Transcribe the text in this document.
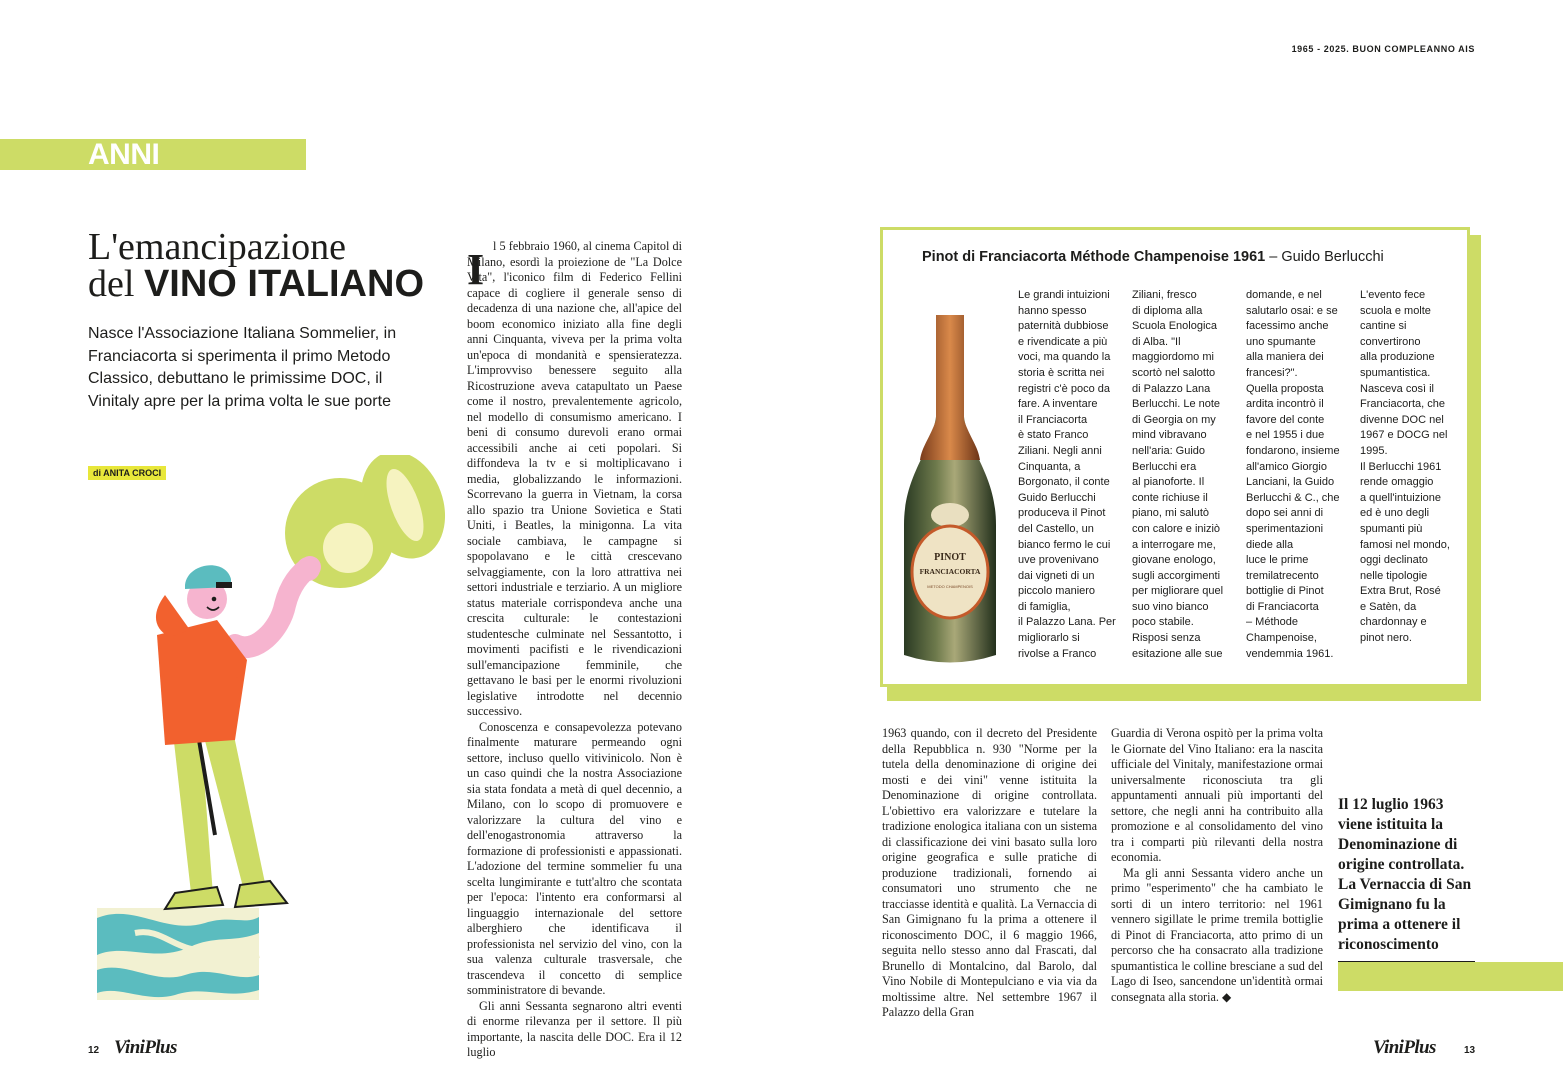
1965 - 2025. BUON COMPLEANNO AIS
ANNI'60
L'emancipazione
del VINO ITALIANO
Nasce l'Associazione Italiana Sommelier, in Franciacorta si sperimenta il primo Metodo Classico, debuttano le primissime DOC, il Vinitaly apre per la prima volta le sue porte
di ANITA CROCI
I l 5 febbraio 1960, al cinema Capitol di Milano, esordì la proiezione de "La Dolce Vita", l'iconico film di Federico Fellini capace di cogliere il generale senso di decadenza di una nazione che, all'apice del boom economico iniziato alla fine degli anni Cinquanta, viveva per la prima volta un'epoca di mondanità e spensieratezza. L'improvviso benessere seguito alla Ricostruzione aveva catapultato un Paese come il nostro, prevalentemente agricolo, nel modello di consumismo americano. I beni di consumo durevoli erano ormai accessibili anche ai ceti popolari. Si diffondeva la tv e si moltiplicavano i media, globalizzando le informazioni. Scorrevano la guerra in Vietnam, la corsa allo spazio tra Unione Sovietica e Stati Uniti, i Beatles, la minigonna. La vita sociale cambiava, le campagne si spopolavano e le città crescevano selvaggiamente, con la loro attrattiva nei settori industriale e terziario. A un migliore status materiale corrispondeva anche una crescita culturale: le contestazioni studentesche culminate nel Sessantotto, i movimenti pacifisti e le rivendicazioni sull'emancipazione femminile, che gettavano le basi per le enormi rivoluzioni legislative introdotte nel decennio successivo.

Conoscenza e consapevolezza potevano finalmente maturare permeando ogni settore, incluso quello vitivinicolo. Non è un caso quindi che la nostra Associazione sia stata fondata a metà di quel decennio, a Milano, con lo scopo di promuovere e valorizzare la cultura del vino e dell'enogastronomia attraverso la formazione di professionisti e appassionati. L'adozione del termine sommelier fu una scelta lungimirante e tutt'altro che scontata per l'epoca: l'intento era conformarsi al linguaggio internazionale del settore alberghiero che identificava il professionista nel servizio del vino, con la sua valenza culturale trasversale, che trascendeva il concetto di semplice somministratore di bevande.

Gli anni Sessanta segnarono altri eventi di enorme rilevanza per il settore. Il più importante, la nascita delle DOC. Era il 12 luglio

Pinot di Franciacorta Méthode Champenoise 1961 – Guido Berlucchi
PINOT
FRANCIACORTA
METODO CHAMPENOIS

Le grandi intuizioni

hanno spesso

paternità dubbiose

e rivendicate a più

voci, ma quando la

storia è scritta nei

registri c'è poco da

fare. A inventare

il Franciacorta

è stato Franco

Ziliani. Negli anni

Cinquanta, a

Borgonato, il conte

Guido Berlucchi

produceva il Pinot

del Castello, un

bianco fermo le cui

uve provenivano

dai vigneti di un

piccolo maniero

di famiglia,

il Palazzo Lana. Per

migliorarlo si

rivolse a Franco

Ziliani, fresco

di diploma alla

Scuola Enologica

di Alba. "Il

maggiordomo mi

scortò nel salotto

di Palazzo Lana

Berlucchi. Le note

di Georgia on my

mind vibravano

nell'aria: Guido

Berlucchi era

al pianoforte. Il

conte richiuse il

piano, mi salutò

con calore e iniziò

a interrogare me,

giovane enologo,

sugli accorgimenti

per migliorare quel

suo vino bianco

poco stabile.

Risposi senza

esitazione alle sue

domande, e nel

salutarlo osai: e se

facessimo anche

uno spumante

alla maniera dei

francesi?".

Quella proposta

ardita incontrò il

favore del conte

e nel 1955 i due

fondarono, insieme

all'amico Giorgio

Lanciani, la Guido

Berlucchi & C., che

dopo sei anni di

sperimentazioni

diede alla

luce le prime

tremilatrecento

bottiglie di Pinot

di Franciacorta

– Méthode

Champenoise,

vendemmia 1961.

L'evento fece

scuola e molte

cantine si

convertirono

alla produzione

spumantistica.

Nasceva così il

Franciacorta, che

divenne DOC nel

1967 e DOCG nel

1995.

Il Berlucchi 1961

rende omaggio

a quell'intuizione

ed è uno degli

spumanti più

famosi nel mondo,

oggi declinato

nelle tipologie

Extra Brut, Rosé

e Satèn, da

chardonnay e

pinot nero.

1963 quando, con il decreto del Presidente della Repubblica n. 930 "Norme per la tutela della denominazione di origine dei mosti e dei vini" venne istituita la Denominazione di origine controllata. L'obiettivo era valorizzare e tutelare la tradizione enologica italiana con un sistema di classificazione dei vini basato sulla loro origine geografica e sulle pratiche di produzione tradizionali, fornendo ai consumatori uno strumento che ne tracciasse identità e qualità. La Vernaccia di San Gimignano fu la prima a ottenere il riconoscimento DOC, il 6 maggio 1966, seguita nello stesso anno dal Frascati, dal Brunello di Montalcino, dal Barolo, dal Vino Nobile di Montepulciano e via via da moltissime altre. Nel settembre 1967 il Palazzo della Gran

Guardia di Verona ospitò per la prima volta le Giornate del Vino Italiano: era la nascita ufficiale del Vinitaly, manifestazione ormai universalmente riconosciuta tra gli appuntamenti annuali più importanti del settore, che negli anni ha contribuito alla promozione e al consolidamento del vino tra i comparti più rilevanti della nostra economia.

Ma gli anni Sessanta videro anche un primo "esperimento" che ha cambiato le sorti di un intero territorio: nel 1961 vennero sigillate le prime tremila bottiglie di Pinot di Franciacorta, atto primo di un percorso che ha consacrato alla tradizione spumantistica le colline bresciane a sud del Lago di Iseo, sancendone un'identità ormai consegnata alla storia. ◆

Il 12 luglio 1963 viene istituita la Denominazione di origine controllata. La Vernaccia di San Gimignano fu la prima a ottenere il riconoscimento
12 ViniPlus	ViniPlus	13
